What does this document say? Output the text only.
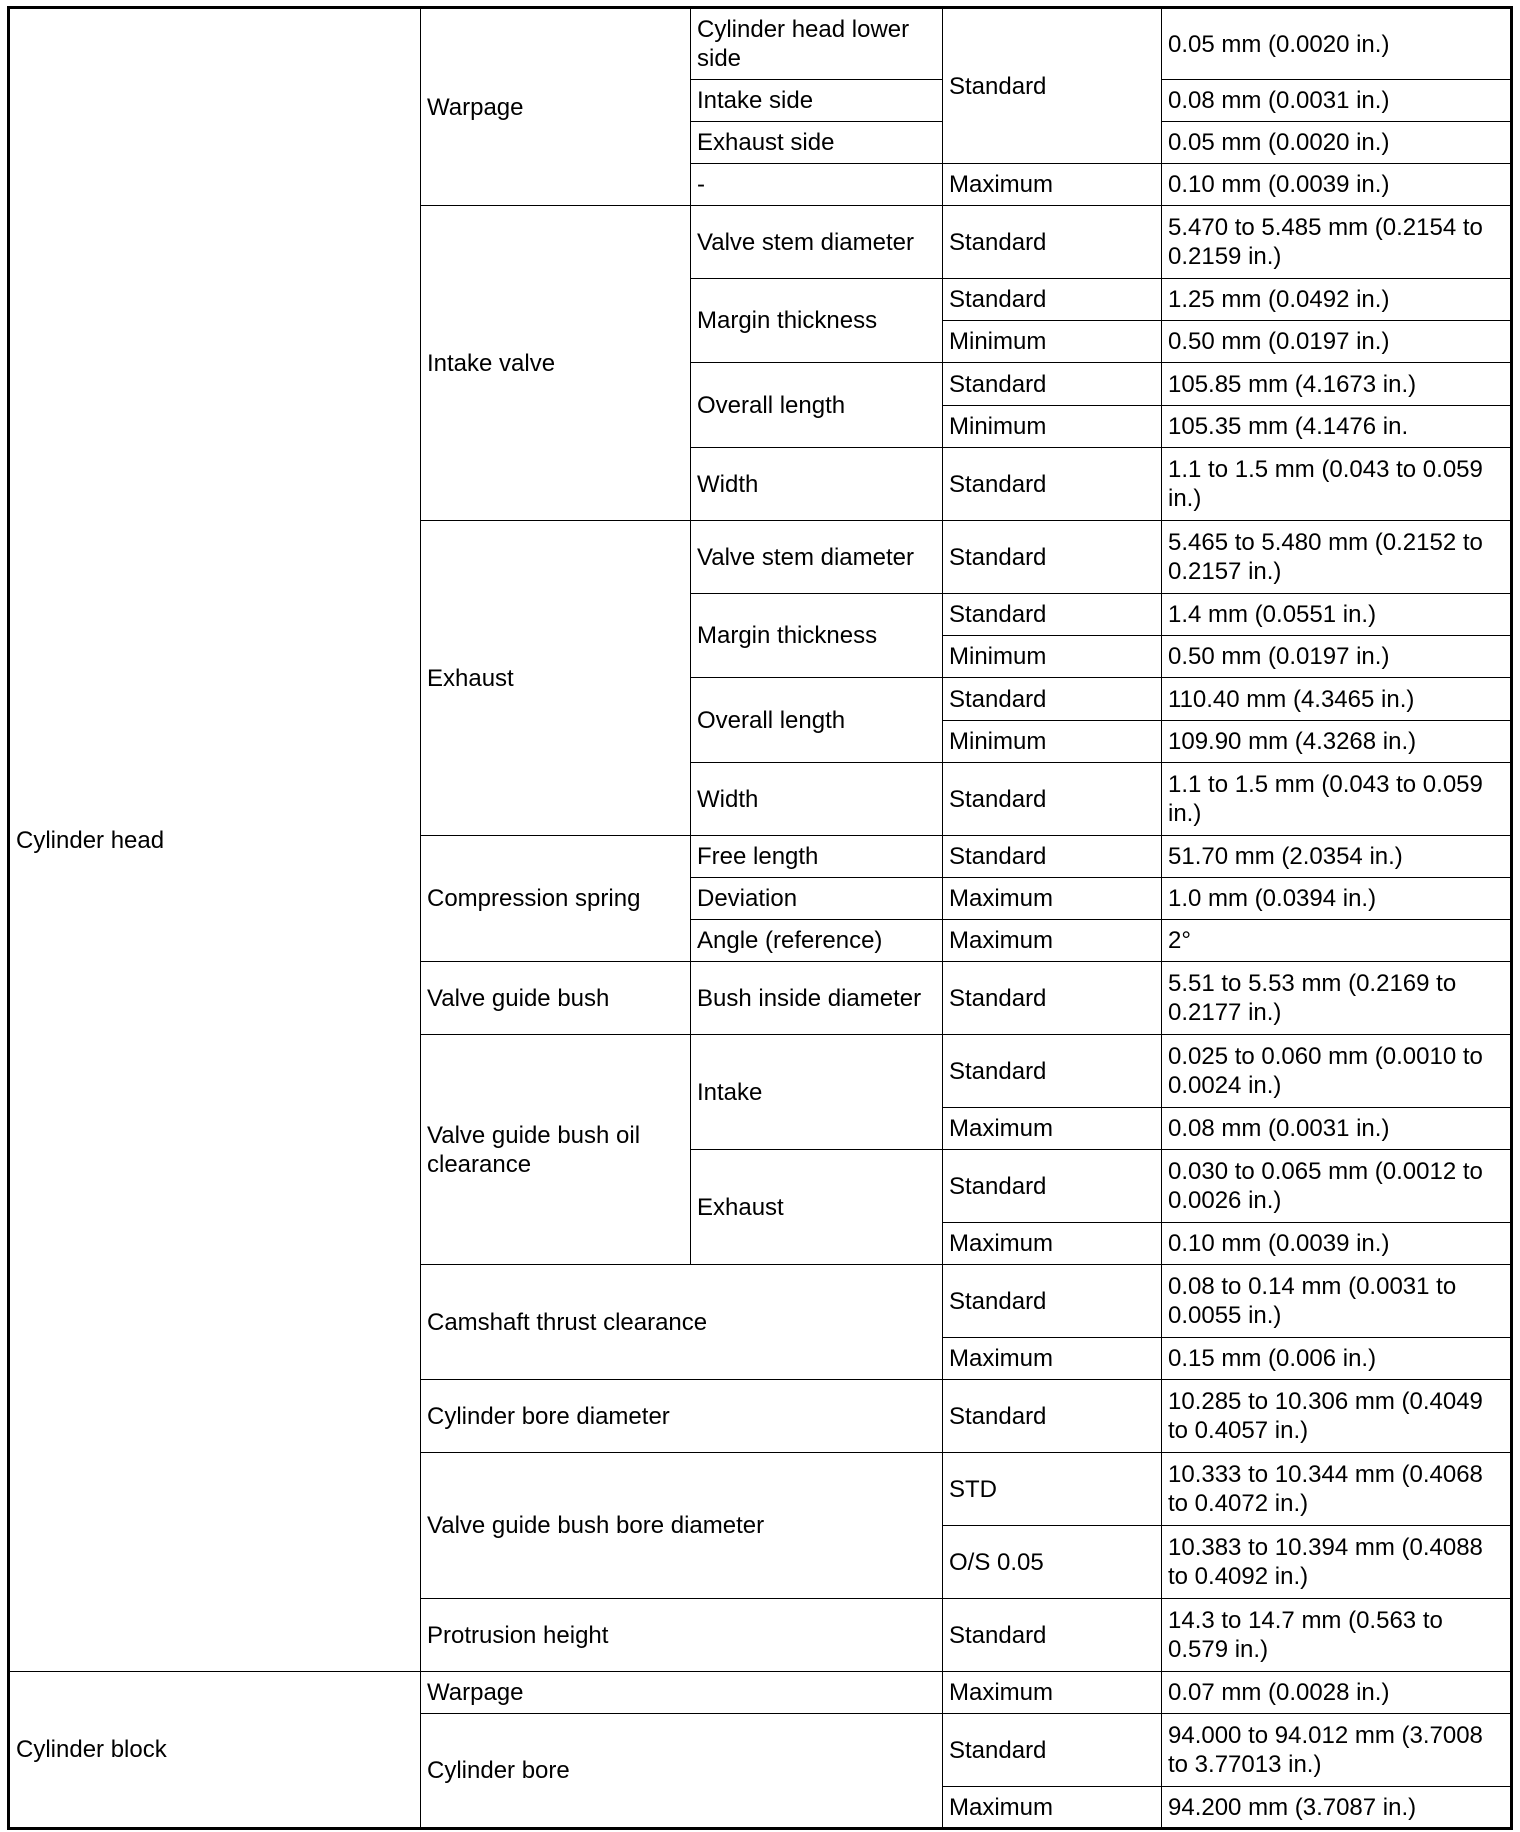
Cylinder head	Warpage	Cylinder head lower side	Standard	0.05 mm (0.0020 in.)
		Intake side		0.08 mm (0.0031 in.)
		Exhaust side		0.05 mm (0.0020 in.)
		-	Maximum	0.10 mm (0.0039 in.)
	Intake valve	Valve stem diameter	Standard	5.470 to 5.485 mm (0.2154 to 0.2159 in.)
		Margin thickness	Standard	1.25 mm (0.0492 in.)
			Minimum	0.50 mm (0.0197 in.)
		Overall length	Standard	105.85 mm (4.1673 in.)
			Minimum	105.35 mm (4.1476 in.
		Width	Standard	1.1 to 1.5 mm (0.043 to 0.059 in.)
	Exhaust	Valve stem diameter	Standard	5.465 to 5.480 mm (0.2152 to 0.2157 in.)
		Margin thickness	Standard	1.4 mm (0.0551 in.)
			Minimum	0.50 mm (0.0197 in.)
		Overall length	Standard	110.40 mm (4.3465 in.)
			Minimum	109.90 mm (4.3268 in.)
		Width	Standard	1.1 to 1.5 mm (0.043 to 0.059 in.)
	Compression spring	Free length	Standard	51.70 mm (2.0354 in.)
		Deviation	Maximum	1.0 mm (0.0394 in.)
		Angle (reference)	Maximum	2°
	Valve guide bush	Bush inside diameter	Standard	5.51 to 5.53 mm (0.2169 to 0.2177 in.)
	Valve guide bush oil clearance	Intake	Standard	0.025 to 0.060 mm (0.0010 to 0.0024 in.)
			Maximum	0.08 mm (0.0031 in.)
		Exhaust	Standard	0.030 to 0.065 mm (0.0012 to 0.0026 in.)
			Maximum	0.10 mm (0.0039 in.)
	Camshaft thrust clearance		Standard	0.08 to 0.14 mm (0.0031 to 0.0055 in.)
			Maximum	0.15 mm (0.006 in.)
	Cylinder bore diameter		Standard	10.285 to 10.306 mm (0.4049 to 0.4057 in.)
	Valve guide bush bore diameter		STD	10.333 to 10.344 mm (0.4068 to 0.4072 in.)
			O/S 0.05	10.383 to 10.394 mm (0.4088 to 0.4092 in.)
	Protrusion height		Standard	14.3 to 14.7 mm (0.563 to 0.579 in.)
Cylinder block	Warpage		Maximum	0.07 mm (0.0028 in.)
	Cylinder bore		Standard	94.000 to 94.012 mm (3.7008 to 3.77013 in.)
			Maximum	94.200 mm (3.7087 in.)
